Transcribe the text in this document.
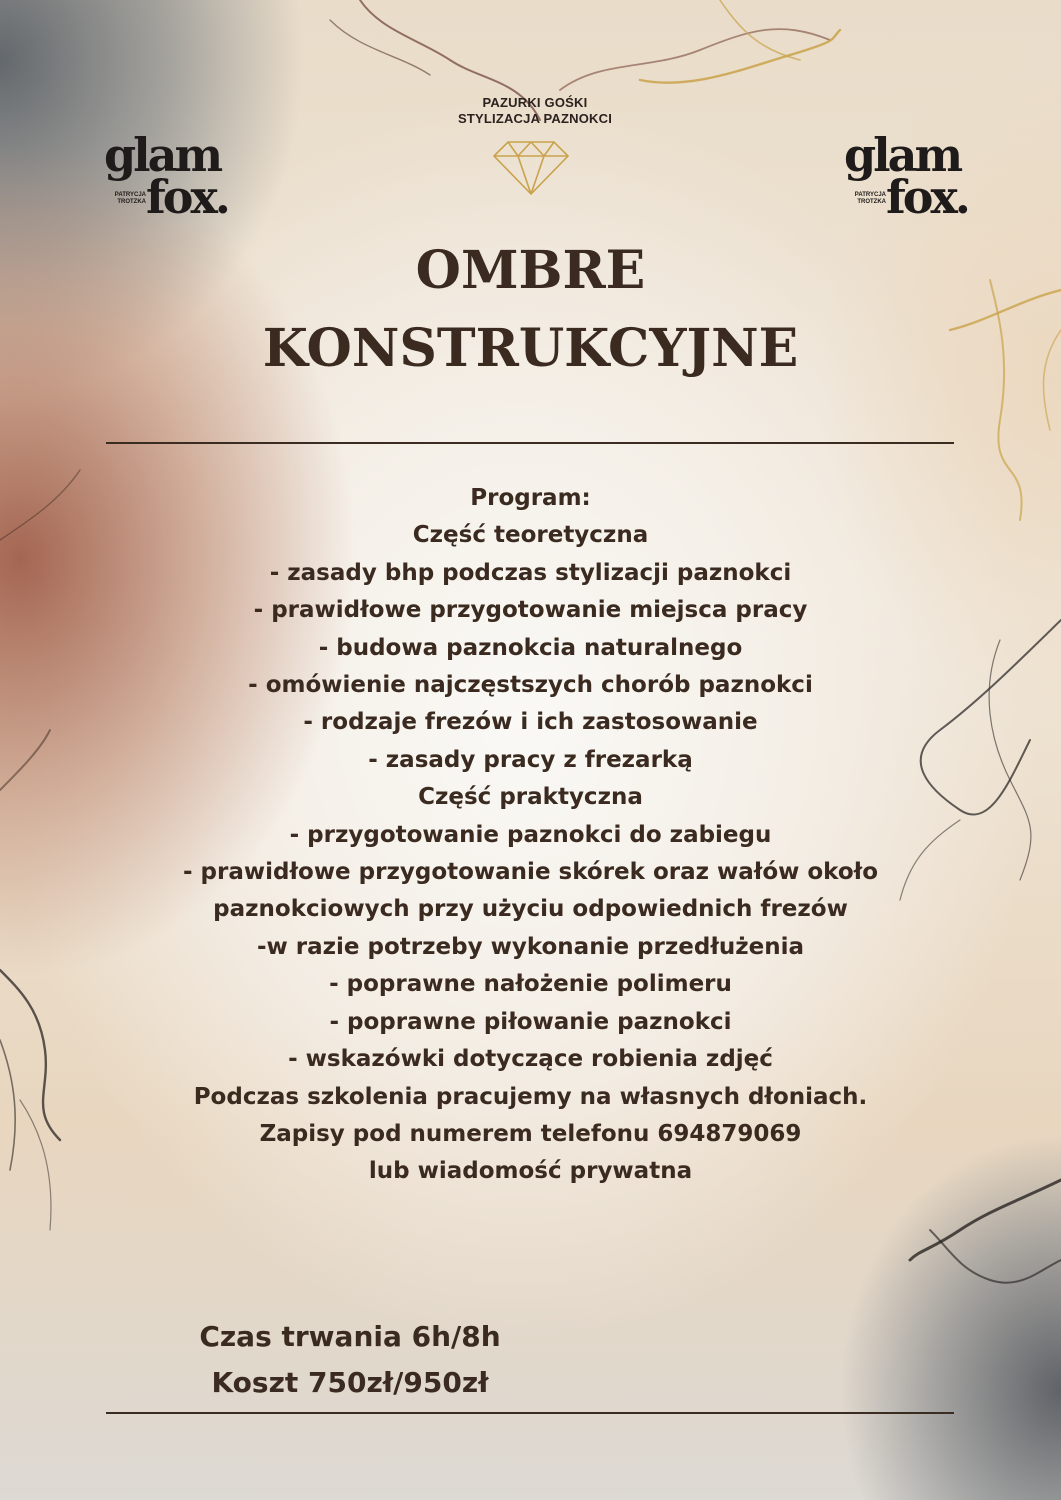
PAZURKI GOŚKI
STYLIZACJA PAZNOKCI
glam
fox.
PATRYCJA
TROTZKA
glam
fox.
PATRYCJA
TROTZKA
OMBRE
KONSTRUKCYJNE
Program:
Część teoretyczna
- zasady bhp podczas stylizacji paznokci
- prawidłowe przygotowanie miejsca pracy
- budowa paznokcia naturalnego
- omówienie najczęstszych chorób paznokci
- rodzaje frezów i ich zastosowanie
- zasady pracy z frezarką
Część praktyczna
- przygotowanie paznokci do zabiegu
- prawidłowe przygotowanie skórek oraz wałów około
paznokciowych przy użyciu odpowiednich frezów
-w razie potrzeby wykonanie przedłużenia
- poprawne nałożenie polimeru
- poprawne piłowanie paznokci
- wskazówki dotyczące robienia zdjęć
Podczas szkolenia pracujemy na własnych dłoniach.
Zapisy pod numerem telefonu 694879069
lub wiadomość prywatna
Czas trwania 6h/8h
Koszt 750zł/950zł
